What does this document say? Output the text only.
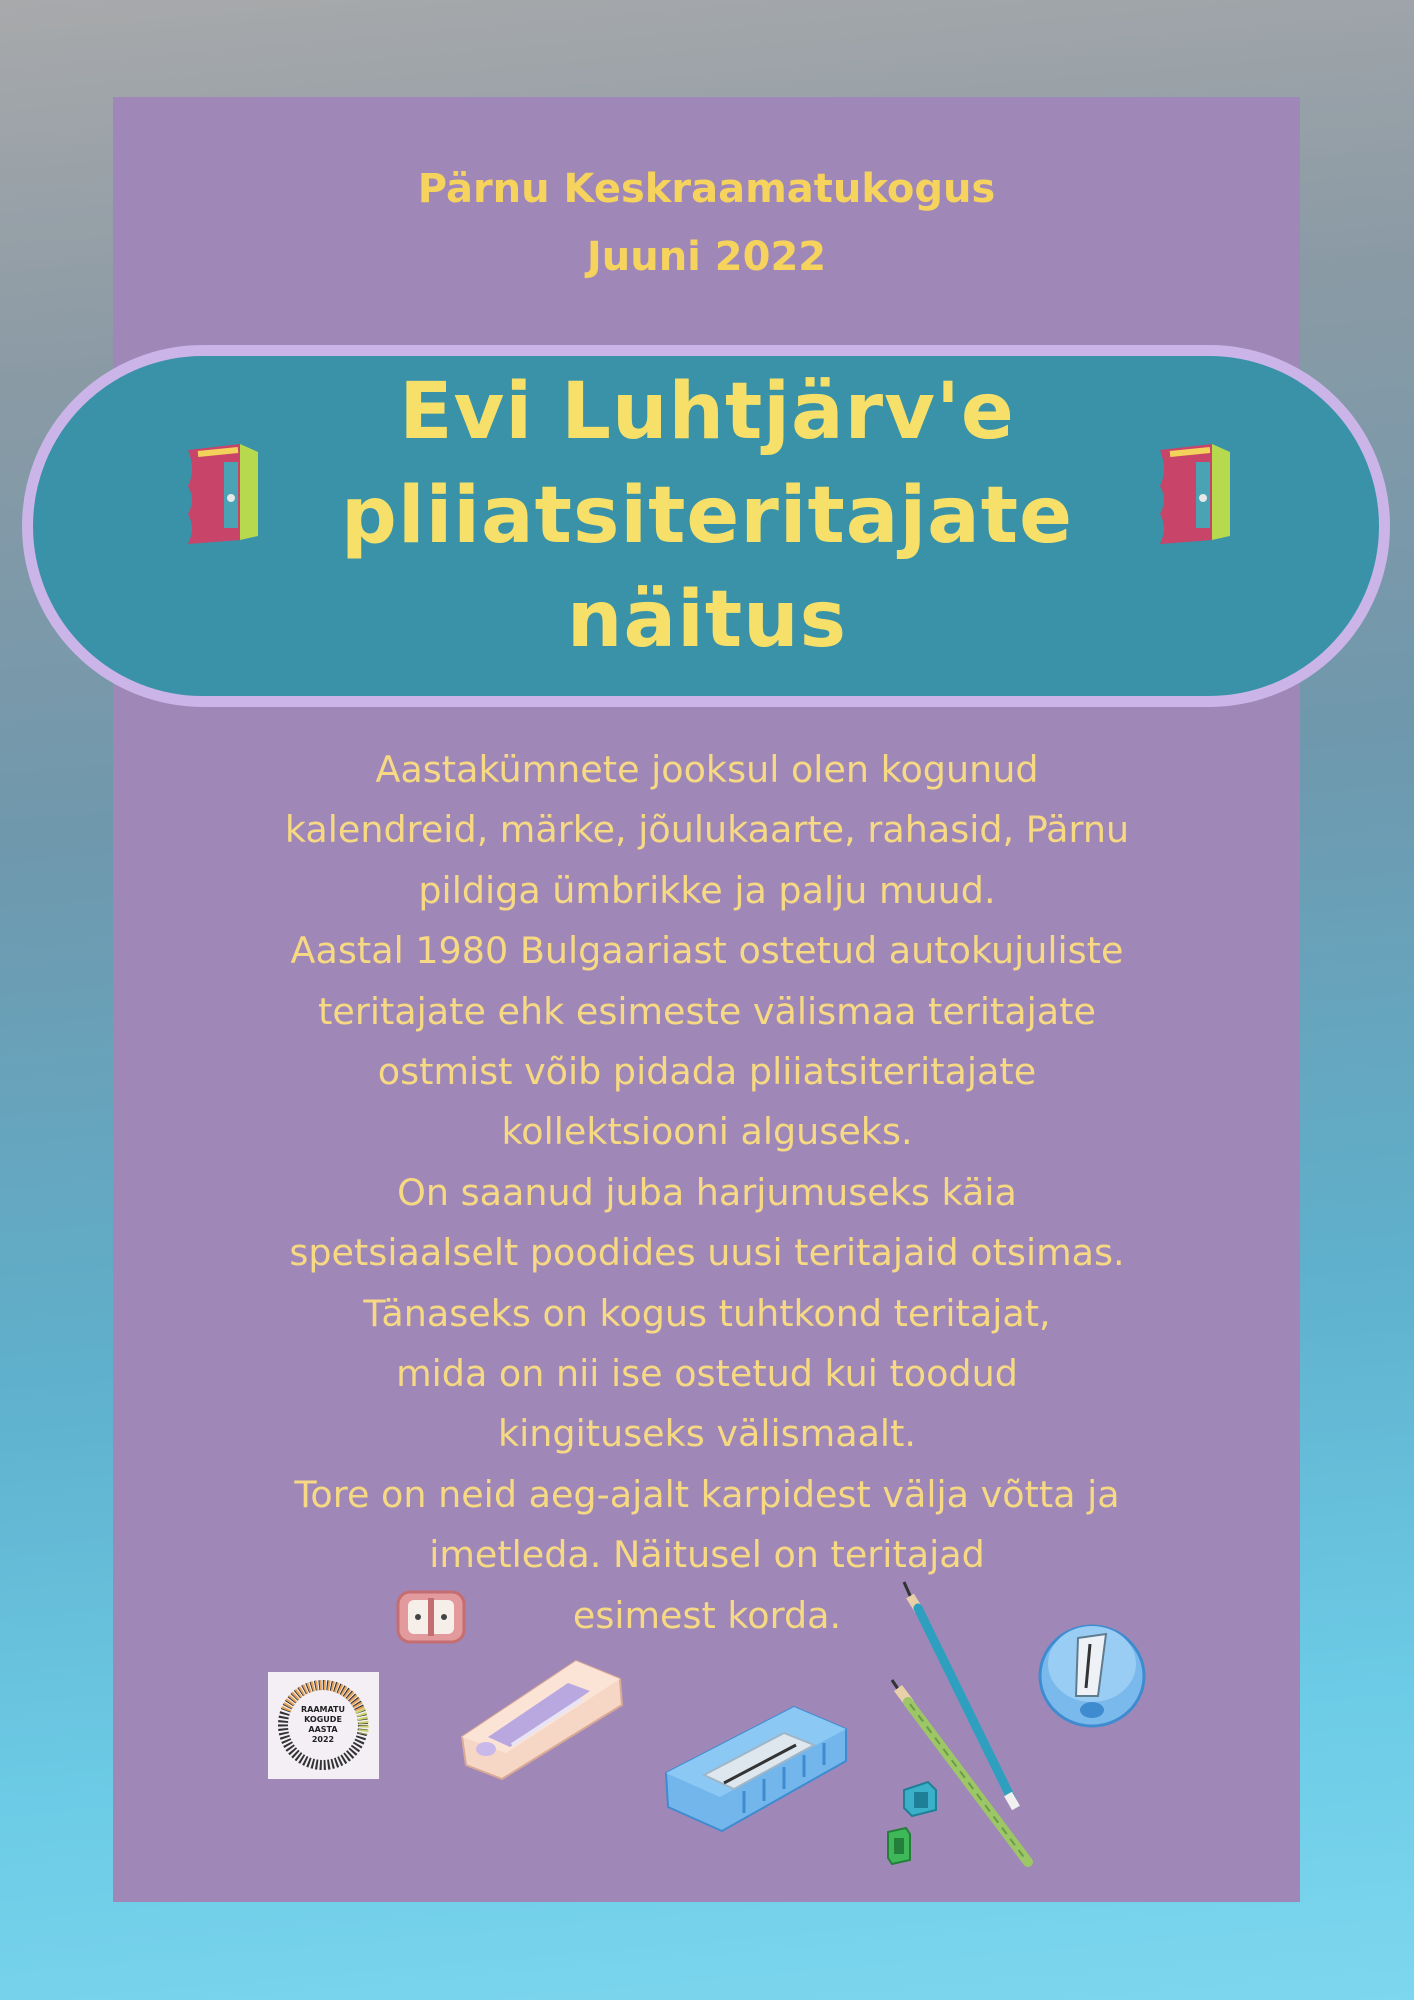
Pärnu Keskraamatukogus
Juuni 2022
Evi Luhtjärv'e
pliiatsiteritajate
näitus
Aastakümnete jooksul olen kogunud
kalendreid, märke, jõulukaarte, rahasid, Pärnu
pildiga ümbrikke ja palju muud.
Aastal 1980 Bulgaariast ostetud autokujuliste
teritajate ehk esimeste välismaa teritajate
ostmist võib pidada pliiatsiteritajate
kollektsiooni alguseks.
On saanud juba harjumuseks käia
spetsiaalselt poodides uusi teritajaid otsimas.
Tänaseks on kogus tuhtkond teritajat,
mida on nii ise ostetud kui toodud
kingituseks välismaalt.
Tore on neid aeg-ajalt karpidest välja võtta ja
imetleda. Näitusel on teritajad
esimest korda.
RAAMATU
KOGUDE
AASTA
2022
